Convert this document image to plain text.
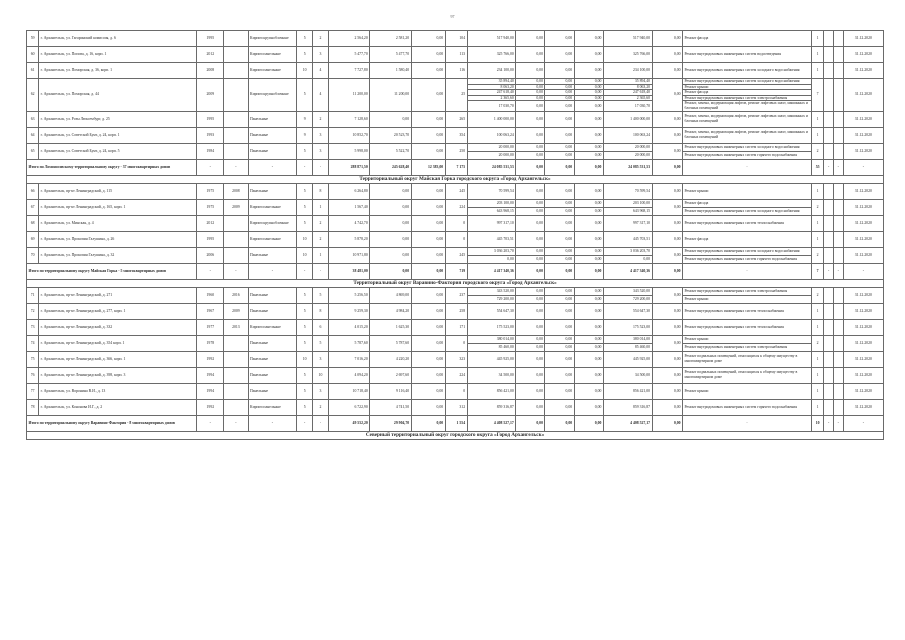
97
59	г. Архангельск, ул. Гагаринский комиссия, д. 6	1995		Кирпич крупноблочные	5	2	2 564,20	2 581,20	0,00	104	517 940,00	0,00	0,00	0,00	517 940,00	0,00	Ремонт фасада	1			31.12.2020
60	г. Архангельск, ул. Попова, д. 16, корп. 1	2012		Кирпич панельные	5	3	5 477,70	5 477,70	0,00	113	325 766,00	0,00	0,00	0,00	325 766,00	0,00	Ремонт внутридомовых инженерных систем водоотведения	1			31.12.2020
61	г. Архангельск, ул. Поморская, д. 36, корп. 1	2008		Кирпич панельные	10	4	7 727,80	1 580,40	0,00	116	234 100,00	0,00	0,00	0,00	234 100,00	0,00	Ремонт внутридомовых инженерных систем холодного водоснабжения	1			31.12.2020
62	г. Архангельск, ул. Поморская, д. 44	2009		Кирпич крупноблочные	5	4	11 200,00	11 200,00	0,00	25	35 894,40	0,00	0,00	0,00	35 894,40	0,00	Ремонт внутридомовых инженерных систем холодного водоснабжения	7			31.12.2020
											8 063,20	0,00	0,00	0,00	8 063,20		Ремонт крыши				
											247 618,40	0,00	0,00	0,00	247 618,40		Ремонт фасада				
											2 365,60	0,00	0,00	0,00	2 365,60		Ремонт внутридомовых инженерных систем электроснабжения				
											17 030,70	0,00	0,00	0,00	17 030,70		Ремонт, замена, модернизация лифтов, ремонт лифтовых шахт, машинных и блочных помещений				
63	г. Архангельск, ул. Розы Люксембург, д. 25	1995		Панельные	9	2	7 128,60	0,00	0,00	265	1 400 000,00	0,00	0,00	0,00	1 400 000,00	0,00	Ремонт, замена, модернизация лифтов, ремонт лифтовых шахт, машинных и блочных помещений	1			31.12.2020
64	г. Архангельск, ул. Советской Бунт, д. 24, корп. 1	1993		Панельные	9	3	10 852,70	20 523,70	0,00	354	100 063,24	0,00	0,00	0,00	100 063,24	0,00	Ремонт, замена, модернизация лифтов, ремонт лифтовых шахт, машинных и блочных помещений	1			31.12.2020
65	г. Архангельск, ул. Советской Бунт, д. 24, корп. 5	1984		Панельные	5	3	5 998,00	5 522,70	0,00	250	20 000,00	0,00	0,00	0,00	20 000,00	0,00	Ремонт внутридомовых инженерных систем холодного водоснабжения	2			31.12.2020
											20 000,00	0,00	0,00	0,00	20 000,00		Ремонт внутридомовых инженерных систем горячего водоснабжения				
Итого по Ломоносовскому территориальному округу - 37 многоквартирных домов		-	-	-	-	-	288 871,50	245 628,40	12 383,00	7 175	24 085 531,53	0,00	0,00	0,00	24 085 531,53	0,00	-	55	-	-	-
Территориальный округ Майская Горка городского округа «Город Архангельск»																					
66	г. Архангельск, пр-кт Ленинградский, д. 115	1975	2008	Панельные	5	8	6 264,80	0,00	0,00	245	70 599,54	0,00	0,00	0,00	70 599,54	0,00	Ремонт крыши	1			31.12.2020
67	г. Архангельск, пр-кт Ленинградский, д. 165, корп. 1	1975	2009	Кирпич панельные	5	1	1 567,40	0,00	0,00	224	203 100,00	0,00	0,00	0,00	203 100,00	0,00	Ремонт фасада	2			31.12.2020
											643 968,15	0,00	0,00	0,00	643 968,15		Ремонт внутридомовых инженерных систем холодного водоснабжения				
68	г. Архангельск, ул. Минская, д. 4	2012		Кирпич крупноблочные	5	2	4 742,70	0,00	0,00	0	997 317,10	0,00	0,00	0,00	997 317,10	0,00	Ремонт внутридомовых инженерных систем теплоснабжения	1			31.12.2020
69	г. Архангельск, ул. Прокопия Галушина, д. 26	1995		Кирпич панельные	10	2	5 878,20	0,00	0,00	0	445 703,51	0,00	0,00	0,00	445 703,51	0,00	Ремонт фасада	1			31.12.2020
70	г. Архангельск, ул. Прокопия Галушина, д. 32	2006		Панельные	10	1	10 971,80	0,00	0,00	245	3 036 203,70	0,00	0,00	0,00	3 036 203,70	0,00	Ремонт внутридомовых инженерных систем холодного водоснабжения	2			31.12.2020
											0,00	0,00	0,00	0,00	0,00		Ремонт внутридомовых инженерных систем горячего водоснабжения				
Итого по территориальному округу Майская Горка - 5 многоквартирных домов		-	-	-	-	-	38 481,00	0,00	0,00	719	4 417 340,36	0,00	0,00	0,00	4 417 340,36	0,00	-	7	-	-	-
Территориальный округ Варавино-Фактория городского округа «Город Архангельск»																					
71	г. Архангельск, пр-кт Ленинградский, д. 271	1960	2016	Панельные	5	5	5 256,50	4 869,00	0,00	237	343 520,00	0,00	0,00	0,00	343 520,00	0,00	Ремонт внутридомовых инженерных систем электроснабжения	2			31.12.2020
											729 200,00	0,00	0,00	0,00	729 200,00		Ремонт крыши				
72	г. Архангельск, пр-кт Ленинградский, д. 277, корп. 1	1967	2009	Панельные	5	8	9 259,30	4 984,20	0,00	258	554 647,30	0,00	0,00	0,00	554 647,30	0,00	Ремонт внутридомовых инженерных систем теплоснабжения	1			31.12.2020
73	г. Архангельск, пр-кт Ленинградский, д. 332	1977	2013	Кирпич панельные	5	6	4 015,20	1 625,30	0,00	171	175 523,00	0,00	0,00	0,00	175 523,00	0,00	Ремонт внутридомовых инженерных систем теплоснабжения	1			31.12.2020
74	г. Архангельск, пр-кт Ленинградский, д. 354 корп. 1	1978		Панельные	5	5	5 787,60	5 787,60	0,00	0	380 014,00	0,00	0,00	0,00	380 014,00	0,00	Ремонт крыши	2			31.12.2020
											85 460,00	0,00	0,00	0,00	85 460,00		Ремонт внутридомовых инженерных систем электроснабжения				
75	г. Архангельск, пр-кт Ленинградский, д. 366, корп. 1	1992		Панельные	10	3	7 016,20	4 220,20	0,00	323	445 925,00	0,00	0,00	0,00	445 925,00	0,00	Ремонт подвальных помещений, относящихся к общему имуществу в многоквартирном доме	1			31.12.2020
76	г. Архангельск, пр-кт Ленинградский, д. 398, корп. 3	1994		Панельные	5	10	4 094,20	2 697,60	0,00	224	34 500,00	0,00	0,00	0,00	34 500,00	0,00	Ремонт подвальных помещений, относящихся к общему имуществу в многоквартирном доме	1			31.12.2020
77	г. Архангельск, ул. Воронина В.И., д. 13	1994		Панельные	5	3	10 718,40	9 116,40	0,00	0	856 421,00	0,00	0,00	0,00	856 421,00	0,00	Ремонт крыши	1			31.12.2020
78	г. Архангельск, ул. Кононова И.Г., д. 2	1992		Кирпич панельные	5	2	6 722,90	4 741,50	0,00	312	859 316,87	0,00	0,00	0,00	859 316,87	0,00	Ремонт внутридомовых инженерных систем горячего водоснабжения	1			31.12.2020
Итого по территориальному округу Варавино-Фактория - 8 многоквартирных домов		-	-	-	-	-	49 552,20	29 904,70	0,00	1 554	4 408 527,17	0,00	0,00	0,00	4 408 527,17	0,00	-	10	-	-	-
Северный территориальный округ городского округа «Город Архангельск»																					
